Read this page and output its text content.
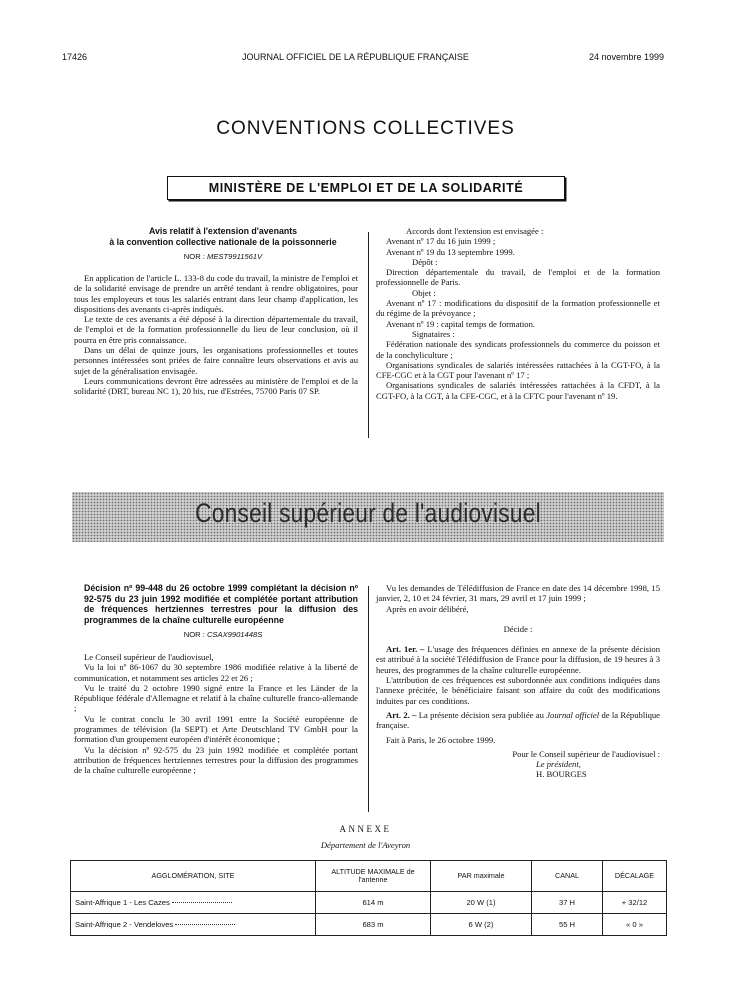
17426	JOURNAL OFFICIEL DE LA RÉPUBLIQUE FRANÇAISE	24 novembre 1999
CONVENTIONS COLLECTIVES
MINISTÈRE DE L'EMPLOI ET DE LA SOLIDARITÉ
Avis relatif à l'extension d'avenants
à la convention collective nationale de la poissonnerie
NOR : MEST9911561V

En application de l'article L. 133-8 du code du travail, la ministre de l'emploi et de la solidarité envisage de prendre un arrêté tendant à rendre obligatoires, pour tous les employeurs et tous les salariés entrant dans leur champ d'application, les dispositions des avenants ci-après indiqués.

Le texte de ces avenants a été déposé à la direction départementale du travail, de l'emploi et de la formation professionnelle du lieu de leur conclusion, où il pourra en être pris connaissance.

Dans un délai de quinze jours, les organisations professionnelles et toutes personnes intéressées sont priées de faire connaître leurs observations et avis au sujet de la généralisation envisagée.

Leurs communications devront être adressées au ministère de l'emploi et de la solidarité (DRT, bureau NC 1), 20 bis, rue d'Estrées, 75700 Paris 07 SP.

Accords dont l'extension est envisagée :

Avenant nº 17 du 16 juin 1999 ;

Avenant nº 19 du 13 septembre 1999.

Dépôt :

Direction départementale du travail, de l'emploi et de la formation professionnelle de Paris.

Objet :

Avenant nº 17 : modifications du dispositif de la formation professionnelle et du régime de la prévoyance ;

Avenant nº 19 : capital temps de formation.

Signataires :

Fédération nationale des syndicats professionnels du commerce du poisson et de la conchyliculture ;

Organisations syndicales de salariés intéressées rattachées à la CGT-FO, à la CFE-CGC et à la CGT pour l'avenant nº 17 ;

Organisations syndicales de salariés intéressées rattachées à la CFDT, à la CGT-FO, à la CGT, à la CFE-CGC, et à la CFTC pour l'avenant nº 19.

Conseil supérieur de l'audiovisuel
Décision nº 99-448 du 26 octobre 1999 complétant la décision nº 92-575 du 23 juin 1992 modifiée et complétée portant attribution de fréquences hertziennes terrestres pour la diffusion des programmes de la chaîne culturelle européenne
NOR : CSAX9901448S

Le Conseil supérieur de l'audiovisuel,

Vu la loi nº 86-1067 du 30 septembre 1986 modifiée relative à la liberté de communication, et notamment ses articles 22 et 26 ;

Vu le traité du 2 octobre 1990 signé entre la France et les Länder de la République fédérale d'Allemagne et relatif à la chaîne culturelle franco-allemande ;

Vu le contrat conclu le 30 avril 1991 entre la Société européenne de programmes de télévision (la SEPT) et Arte Deutschland TV GmbH pour la formation d'un groupement européen d'intérêt économique ;

Vu la décision nº 92-575 du 23 juin 1992 modifiée et complétée portant attribution de fréquences hertziennes terrestres pour la diffusion des programmes de la chaîne culturelle européenne ;

Vu les demandes de Télédiffusion de France en date des 14 décembre 1998, 15 janvier, 2, 10 et 24 février, 31 mars, 29 avril et 17 juin 1999 ;

Après en avoir délibéré,

Décide :

Art. 1er. – L'usage des fréquences définies en annexe de la présente décision est attribué à la société Télédiffusion de France pour la diffusion, de 19 heures à 3 heures, des programmes de la chaîne culturelle européenne.

L'attribution de ces fréquences est subordonnée aux conditions indiquées dans l'annexe précitée, le bénéficiaire faisant son affaire du coût des modifications induites par ces conditions.

Art. 2. – La présente décision sera publiée au Journal officiel de la République française.

Fait à Paris, le 26 octobre 1999.

Pour le Conseil supérieur de l'audiovisuel :

Le président,

H. BOURGES

ANNEXE
Département de l'Aveyron
AGGLOMÉRATION, SITE	ALTITUDE MAXIMALE de l'antenne	PAR maximale	CANAL	DÉCALAGE
Saint-Affrique 1 - Les Cazes	614 m	20 W (1)	37 H	+ 32/12
Saint-Affrique 2 - Vendeloves	683 m	6 W (2)	55 H	« 0 »
